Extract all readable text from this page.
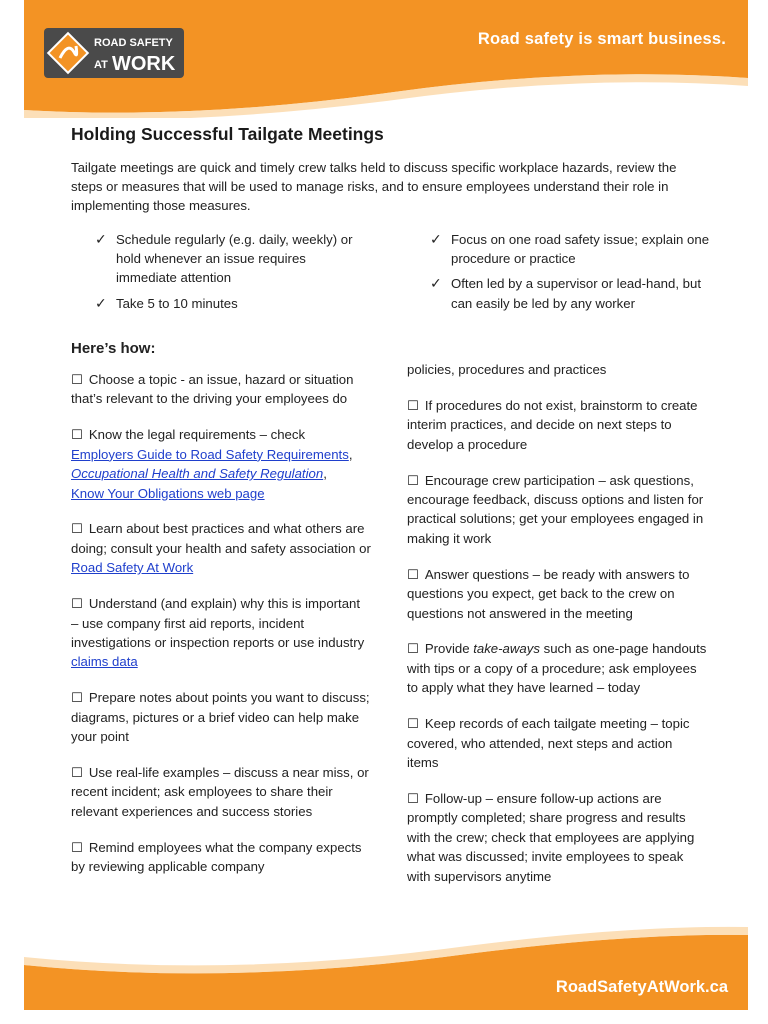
ROAD SAFETY
AT WORK
Road safety is smart business.
Holding Successful Tailgate Meetings

Tailgate meetings are quick and timely crew talks held to discuss specific workplace hazards, review the steps or measures that will be used to manage risks, and to ensure employees understand their role in implementing those measures.

✓ Schedule regularly (e.g. daily, weekly) or hold whenever an issue requires immediate attention
✓ Take 5 to 10 minutes
✓ Focus on one road safety issue; explain one procedure or practice
✓ Often led by a supervisor or lead-hand, but can easily be led by any worker
Here’s how:

☐ Choose a topic - an issue, hazard or situation that’s relevant to the driving your employees do

☐ Know the legal requirements – check
Employers Guide to Road Safety Requirements,
Occupational Health and Safety Regulation,
Know Your Obligations web page

☐ Learn about best practices and what others are doing; consult your health and safety association or Road Safety At Work

☐ Understand (and explain) why this is important – use company first aid reports, incident investigations or inspection reports or use industry claims data

☐ Prepare notes about points you want to discuss; diagrams, pictures or a brief video can help make your point

☐ Use real-life examples – discuss a near miss, or recent incident; ask employees to share their relevant experiences and success stories

☐ Remind employees what the company expects by reviewing applicable company

policies, procedures and practices

☐ If procedures do not exist, brainstorm to create interim practices, and decide on next steps to develop a procedure

☐ Encourage crew participation – ask questions, encourage feedback, discuss options and listen for practical solutions; get your employees engaged in making it work

☐ Answer questions – be ready with answers to questions you expect, get back to the crew on questions not answered in the meeting

☐ Provide take-aways such as one-page handouts with tips or a copy of a procedure; ask employees to apply what they have learned – today

☐ Keep records of each tailgate meeting – topic covered, who attended, next steps and action items

☐ Follow-up – ensure follow-up actions are promptly completed; share progress and results with the crew; check that employees are applying what was discussed; invite employees to speak with supervisors anytime

RoadSafetyAtWork.ca
